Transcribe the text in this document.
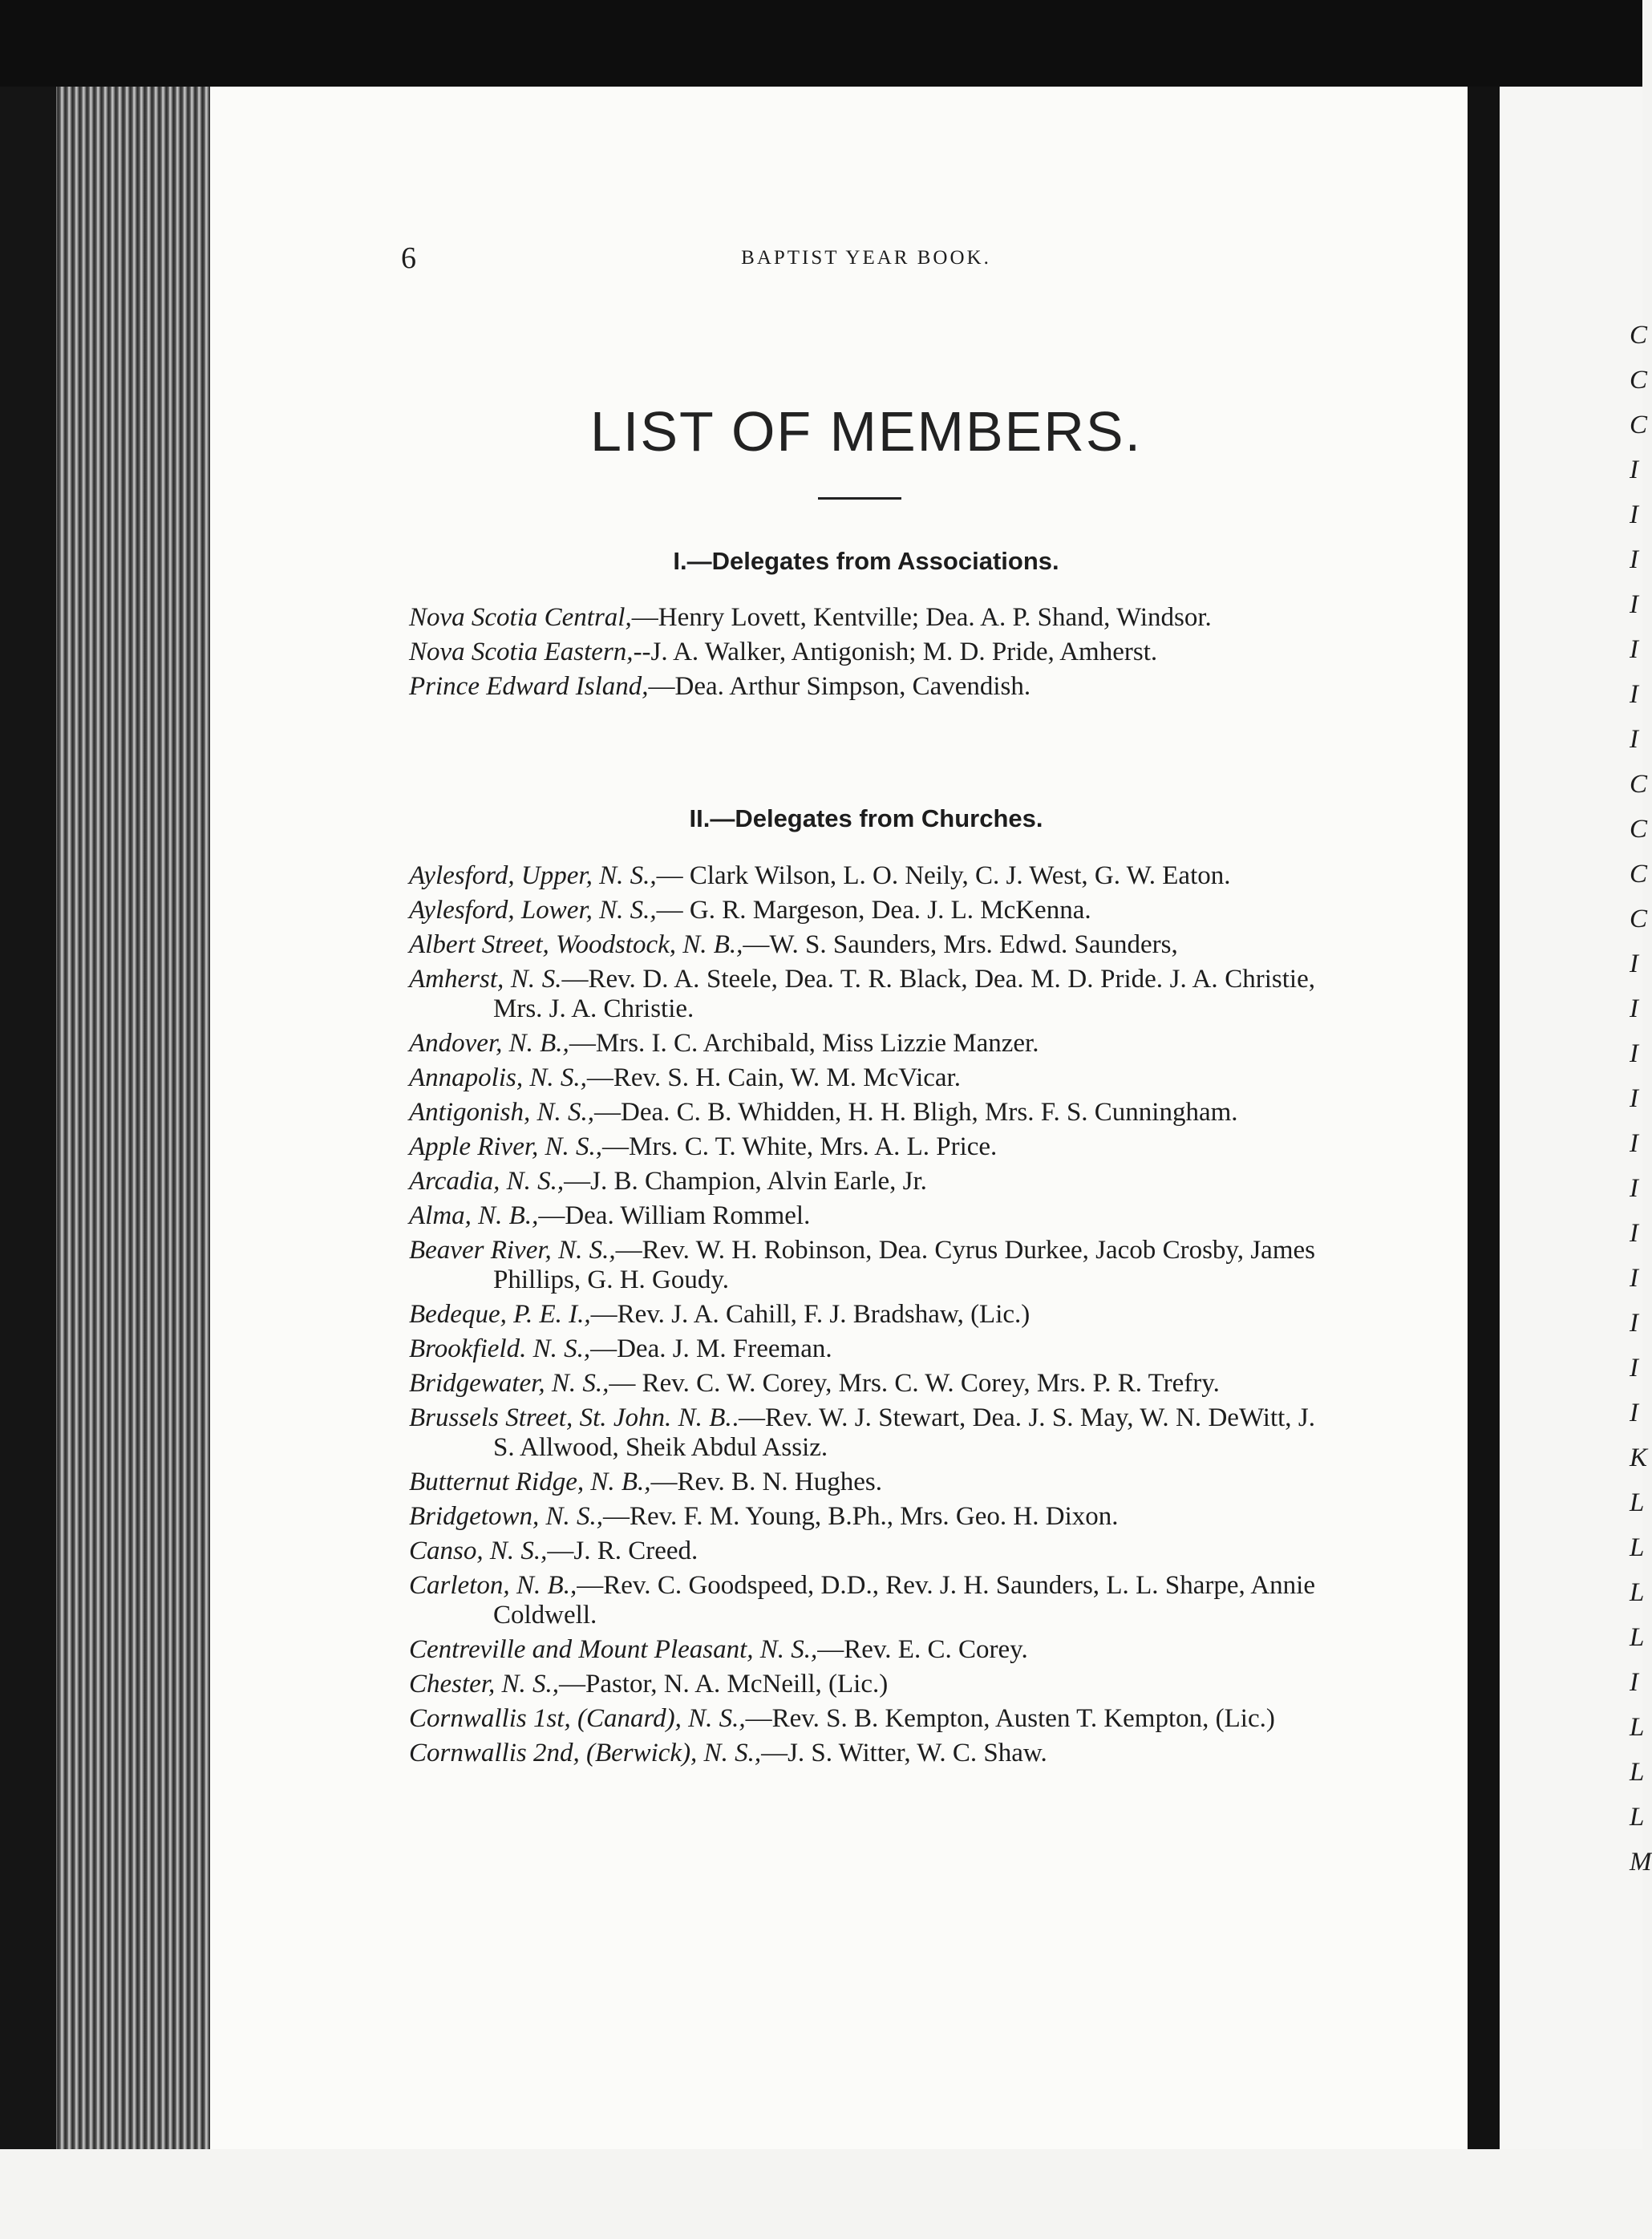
6	BAPTIST YEAR BOOK.
LIST OF MEMBERS.
I.—Delegates from Associations.
Nova Scotia Central,—Henry Lovett, Kentville; Dea. A. P. Shand, Windsor.
Nova Scotia Eastern,--J. A. Walker, Antigonish; M. D. Pride, Amherst.
Prince Edward Island,—Dea. Arthur Simpson, Cavendish.
II.—Delegates from Churches.
Aylesford, Upper, N. S.,— Clark Wilson, L. O. Neily, C. J. West, G. W. Eaton.
Aylesford, Lower, N. S.,— G. R. Margeson, Dea. J. L. McKenna.
Albert Street, Woodstock, N. B.,—W. S. Saunders, Mrs. Edwd. Saunders,
Amherst, N. S.—Rev. D. A. Steele, Dea. T. R. Black, Dea. M. D. Pride. J. A. Christie, Mrs. J. A. Christie.
Andover, N. B.,—Mrs. I. C. Archibald, Miss Lizzie Manzer.
Annapolis, N. S.,—Rev. S. H. Cain, W. M. McVicar.
Antigonish, N. S.,—Dea. C. B. Whidden, H. H. Bligh, Mrs. F. S. Cunningham.
Apple River, N. S.,—Mrs. C. T. White, Mrs. A. L. Price.
Arcadia, N. S.,—J. B. Champion, Alvin Earle, Jr.
Alma, N. B.,—Dea. William Rommel.
Beaver River, N. S.,—Rev. W. H. Robinson, Dea. Cyrus Durkee, Jacob Crosby, James Phillips, G. H. Goudy.
Bedeque, P. E. I.,—Rev. J. A. Cahill, F. J. Bradshaw, (Lic.)
Brookfield. N. S.,—Dea. J. M. Freeman.
Bridgewater, N. S.,— Rev. C. W. Corey, Mrs. C. W. Corey, Mrs. P. R. Trefry.
Brussels Street, St. John. N. B..—Rev. W. J. Stewart, Dea. J. S. May, W. N. DeWitt, J. S. Allwood, Sheik Abdul Assiz.
Butternut Ridge, N. B.,—Rev. B. N. Hughes.
Bridgetown, N. S.,—Rev. F. M. Young, B.Ph., Mrs. Geo. H. Dixon.
Canso, N. S.,—J. R. Creed.
Carleton, N. B.,—Rev. C. Goodspeed, D.D., Rev. J. H. Saunders, L. L. Sharpe, Annie Coldwell.
Centreville and Mount Pleasant, N. S.,—Rev. E. C. Corey.
Chester, N. S.,—Pastor, N. A. McNeill, (Lic.)
Cornwallis 1st, (Canard), N. S.,—Rev. S. B. Kempton, Austen T. Kempton, (Lic.)
Cornwallis 2nd, (Berwick), N. S.,—J. S. Witter, W. C. Shaw.
C
C
C
I
I
I
I
I
I
I
C
C
C
C
I
I
I
I
I
I
I
I
I
I
I
K
L
L
L
L
I
L
L
L
M
